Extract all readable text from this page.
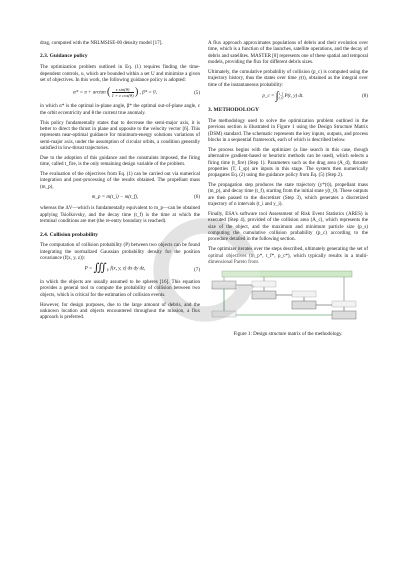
drag, computed with the NRLMSISE-00 density model [17].

2.3. Guidance policy

The optimization problem outlined in Eq. (1) requires finding the time-dependent controls, u, which are bounded within a set U and minimize a given set of objectives. In this work, the following guidance policy is adopted:

α* = π + arctan ( $\frac{\text{ε sin(θ)}}{\text{1 + ε cos(θ)}}$ ) , β* = 0,	(5)

in which α* is the optimal in-plane angle, β* the optimal out-of-plane angle, ε the orbit eccentricity and θ the current true anomaly.

This policy fundamentally states that to decrease the semi-major axis, it is better to direct the thrust in plane and opposite to the velocity vector [6]. This represents near-optimal guidance for minimum-energy solutions variations of semi-major axis, under the assumption of circular orbits, a condition generally satisfied in low-thrust trajectories.

Due to the adoption of this guidance and the constraints imposed, the firing time, called t_fire, is the only remaining design variable of the problem.

The evaluation of the objectives from Eq. (1) can be carried out via numerical integration and post-processing of the results obtained. The propellant mass (m_p),

m_p = m(t_i) − m(t_f),	(6)

whereas the ΔV—which is fundamentally equivalent to m_p—can be obtained applying Tsiolkovsky, and the decay time (t_f) is the time at which the terminal conditions are met (the re-entry boundary is reached).

2.4. Collision probability

The computation of collision probability (P) between two objects can be found integrating the normalized Gaussian probability density for the position covariance (f(x, y, z)):

$P = ∭_V$ f(x, y, z) dx dy dz,	(7)

in which the objects are usually assumed to be spheres [16]. This equation provides a general tool to compute the probability of collision between two objects, which is critical for the estimation of collision events.

However, for design purposes, due to the large amount of debris, and the unknown location and objects encountered throughout the mission, a flux approach is preferred.

A flux approach approximates populations of debris and their evolution over time, which is a function of the launches, satellite operations, and the decay of debris and satellites. MASTER [8] represents one of these spatial and temporal models, providing the flux for different debris sizes.

Ultimately, the cumulative probability of collision (p_c) is computed using the trajectory history, thus the states over time y(t), obtained as the integral over time of the instantaneous probability:

p_c = ∫ t_f
t_0 P(t, y) dt.	(8)
3. METHODOLOGY

The methodology used to solve the optimization problem outlined in the previous section is illustrated in Figure 1 using the Design Structure Matrix (DSM) standard. The schematic represents the key inputs, outputs, and process blocks in a sequential framework, each of which is described below.

The process begins with the optimizer (a line search in this case, though alternative gradient-based or heuristic methods can be used), which selects a firing time (t_fire) (Step 1). Parameters such as the drag area (A_d), thruster properties (T, I_sp) are inputs in this stage. The system then numerically propagates Eq. (2) using the guidance policy from Eq. (5) (Step 2).

The propagation step produces the state trajectory (y*(t)), propellant mass (m_p), and decay time (t_f), starting from the initial state y(t_0). These outputs are then passed to the discretizer (Step 3), which generates a discretized trajectory of n intervals (t_i and y_i).

Finally, ESA's software tool Assessment of Risk Event Statistics (ARES) is executed (Step 4), provided of the collision area (A_c), which represents the size of the object, and the maximum and minimum particle size (p_s) computing the cumulative collision probability (p_c) according to the procedure detailed in the following section.

The optimizer iterates over the steps described, ultimately generating the set of optimal objectives (m_p*, t_f*, p_c*), which typically results in a multi-dimensional Pareto front.

Figure 1: Design structure matrix of the methodology.
